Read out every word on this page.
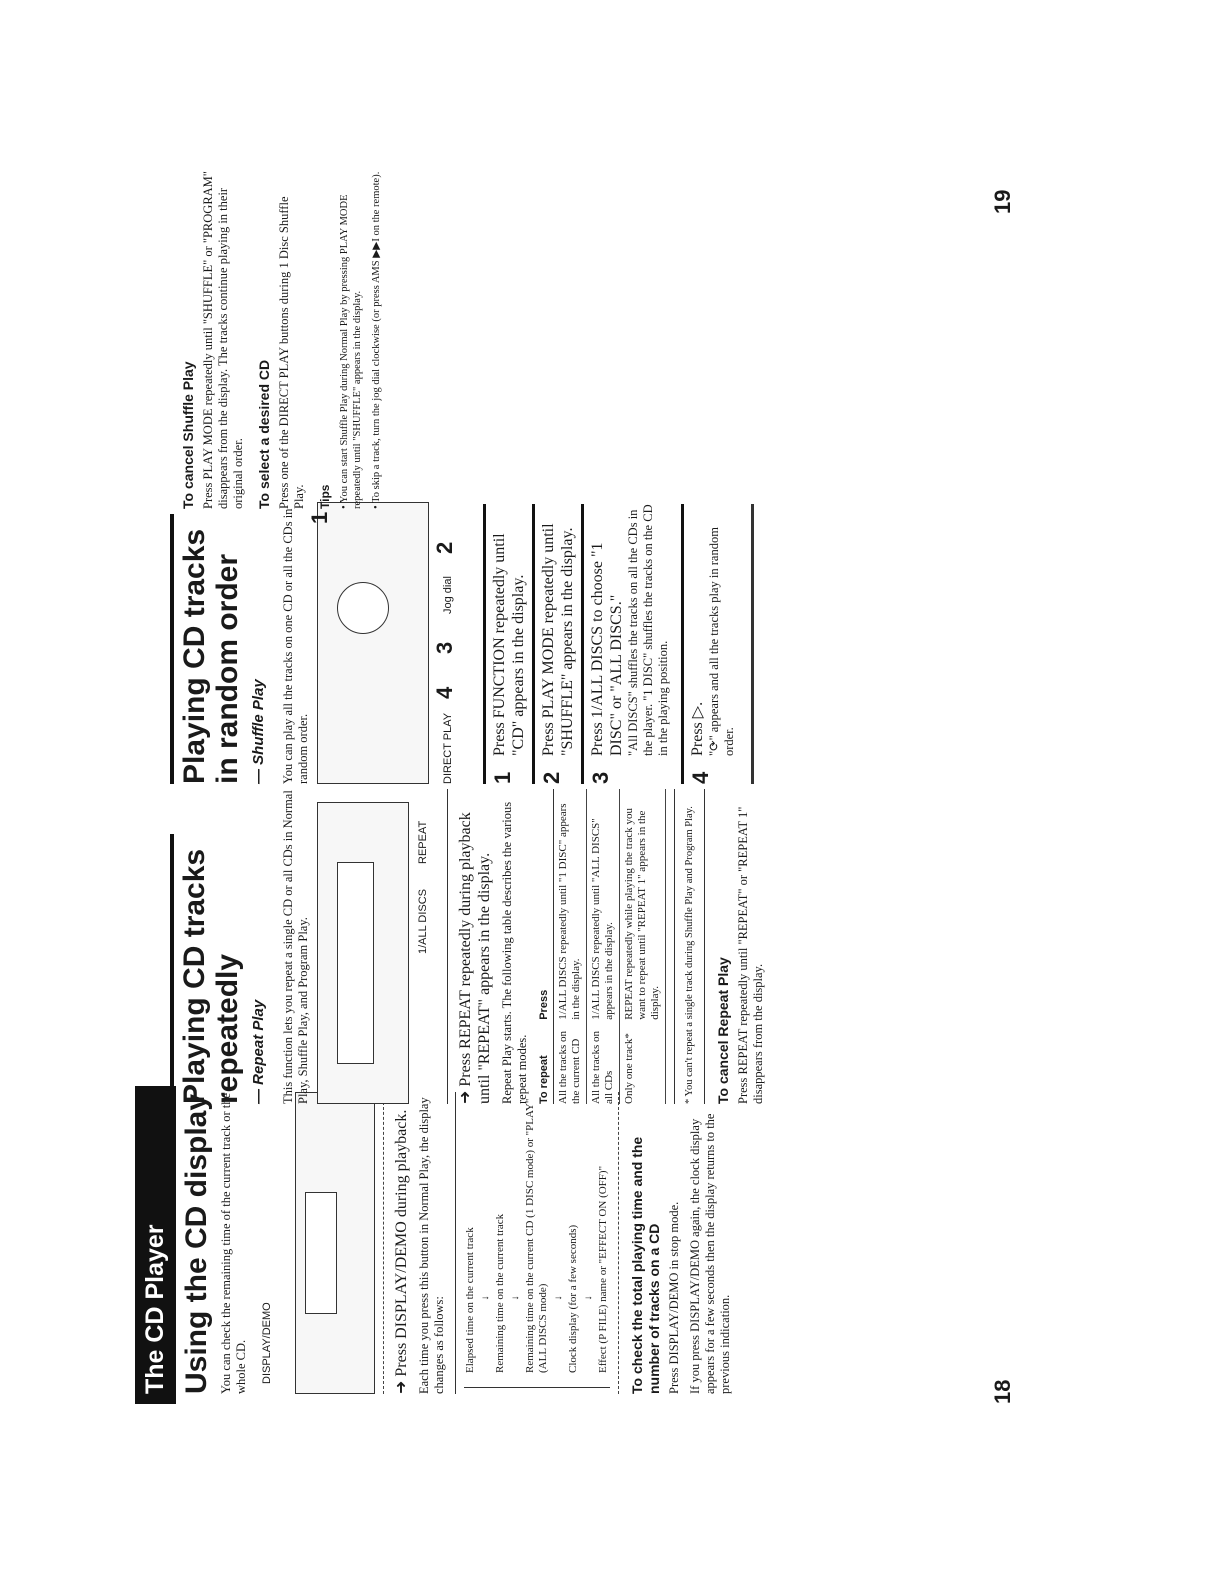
The CD Player Using the CD display You can check the remaining time of the current track or the whole CD. DISPLAY/DEMO

➜ Press DISPLAY/DEMO during playback. Each time you press this button in Normal Play, the display changes as follows: Elapsed time on the current track ↓ Remaining time on the current track ↓ Remaining time on the current CD (1 DISC mode) or "PLAY" (ALL DISCS mode) ↓ Clock display (for a few seconds) ↓ Effect (P FILE) name or "EFFECT ON (OFF)" To check the total playing time and the number of tracks on a CD Press DISPLAY/DEMO in stop mode. If you press DISPLAY/DEMO again, the clock display appears for a few seconds then the display returns to the previous indication.

Playing CD tracks repeatedly — Repeat Play This function lets you repeat a single CD or all CDs in Normal Play, Shuffle Play, and Program Play.	1/ALL DISCS
REPEAT

➜ Press REPEAT repeatedly during playback until "REPEAT" appears in the display. Repeat Play starts. The following table describes the various repeat modes. To repeat	Press
All the tracks on the current CD	1/ALL DISCS repeatedly until "1 DISC" appears in the display.
All the tracks on all CDs	1/ALL DISCS repeatedly until "ALL DISCS" appears in the display.
Only one track*	REPEAT repeatedly while playing the track you want to repeat until "REPEAT 1" appears in the display. * You can't repeat a single track during Shuffle Play and Program Play. To cancel Repeat Play Press REPEAT repeatedly until "REPEAT" or "REPEAT 1" disappears from the display.

Playing CD tracks in random order — Shuffle Play You can play all the tracks on one CD or all the CDs in random order.	DIRECT PLAY
4
3
Jog dial
2
1
1
Press FUNCTION repeatedly until "CD" appears in the display.
2
Press PLAY MODE repeatedly until "SHUFFLE" appears in the display.
3
Press 1/ALL DISCS to choose "1 DISC" or "ALL DISCS." "All DISCS" shuffles the tracks on all the CDs in the player. "1 DISC" shuffles the tracks on the CD in the playing position.

4
Press ▷. "⟳" appears and all the tracks play in random order.

To cancel Shuffle Play Press PLAY MODE repeatedly until "SHUFFLE" or "PROGRAM" disappears from the display. The tracks continue playing in their original order. To select a desired CD Press one of the DIRECT PLAY buttons during 1 Disc Shuffle Play. Tips • You can start Shuffle Play during Normal Play by pressing PLAY MODE repeatedly until "SHUFFLE" appears in the display. • To skip a track, turn the jog dial clockwise (or press AMS ▶▶I on the remote).

18
19
